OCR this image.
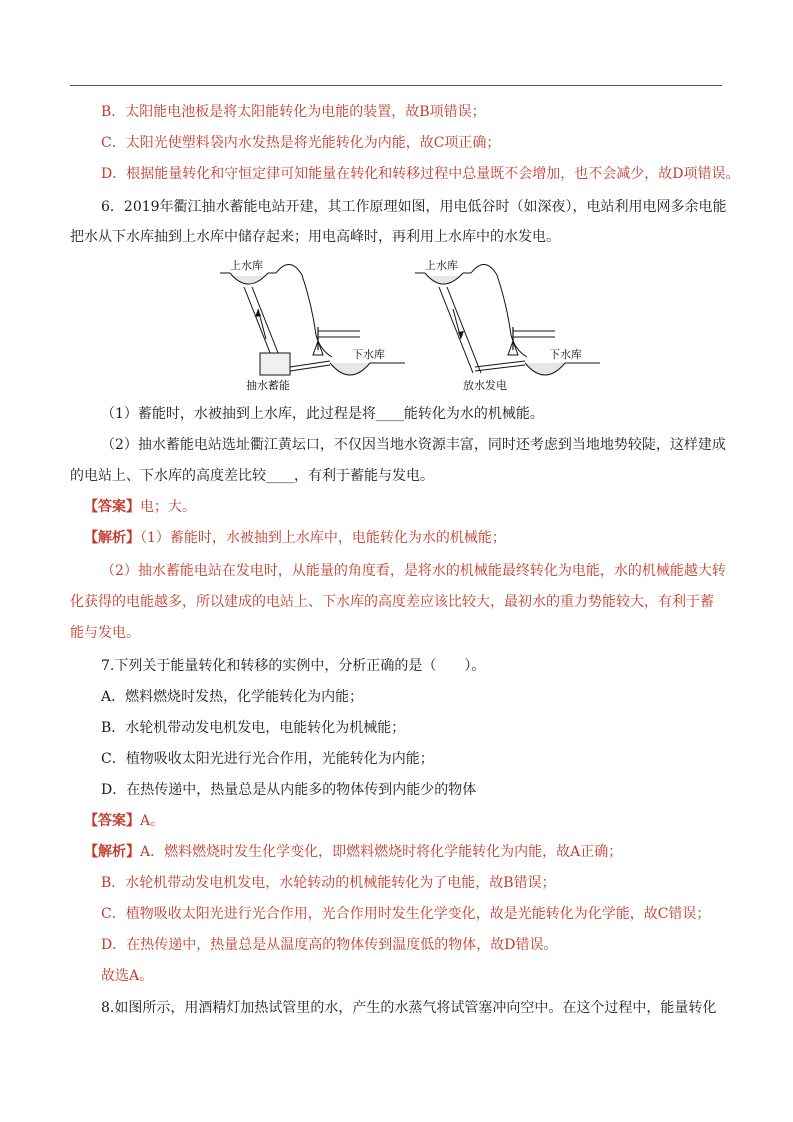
B．太阳能电池板是将太阳能转化为电能的装置，故B项错误；
C．太阳光使塑料袋内水发热是将光能转化为内能，故C项正确；
D．根据能量转化和守恒定律可知能量在转化和转移过程中总量既不会增加，也不会减少，故D项错误。
6．2019年衢江抽水蓄能电站开建，其工作原理如图，用电低谷时（如深夜），电站利用电网多余电能
把水从下水库抽到上水库中储存起来；用电高峰时，再利用上水库中的水发电。
上水库
下水库
抽水蓄能
上水库
下水库
放水发电
（1）蓄能时，水被抽到上水库，此过程是将____能转化为水的机械能。
（2）抽水蓄能电站选址衢江黄坛口，不仅因当地水资源丰富，同时还考虑到当地地势较陡，这样建成
的电站上、下水库的高度差比较____，有利于蓄能与发电。
【答案】电；大。
【解析】（1）蓄能时，水被抽到上水库中，电能转化为水的机械能；
（2）抽水蓄能电站在发电时，从能量的角度看，是将水的机械能最终转化为电能，水的机械能越大转
化获得的电能越多，所以建成的电站上、下水库的高度差应该比较大，最初水的重力势能较大，有利于蓄
能与发电。
7.下列关于能量转化和转移的实例中，分析正确的是（　　）。
A．燃料燃烧时发热，化学能转化为内能；
B．水轮机带动发电机发电，电能转化为机械能；
C．植物吸收太阳光进行光合作用，光能转化为内能；
D．在热传递中，热量总是从内能多的物体传到内能少的物体
【答案】A。
【解析】A．燃料燃烧时发生化学变化，即燃料燃烧时将化学能转化为内能，故A正确；
B．水轮机带动发电机发电，水轮转动的机械能转化为了电能，故B错误；
C．植物吸收太阳光进行光合作用，光合作用时发生化学变化，故是光能转化为化学能，故C错误；
D．在热传递中，热量总是从温度高的物体传到温度低的物体，故D错误。
故选A。
8.如图所示，用酒精灯加热试管里的水，产生的水蒸气将试管塞冲向空中。在这个过程中，能量转化
